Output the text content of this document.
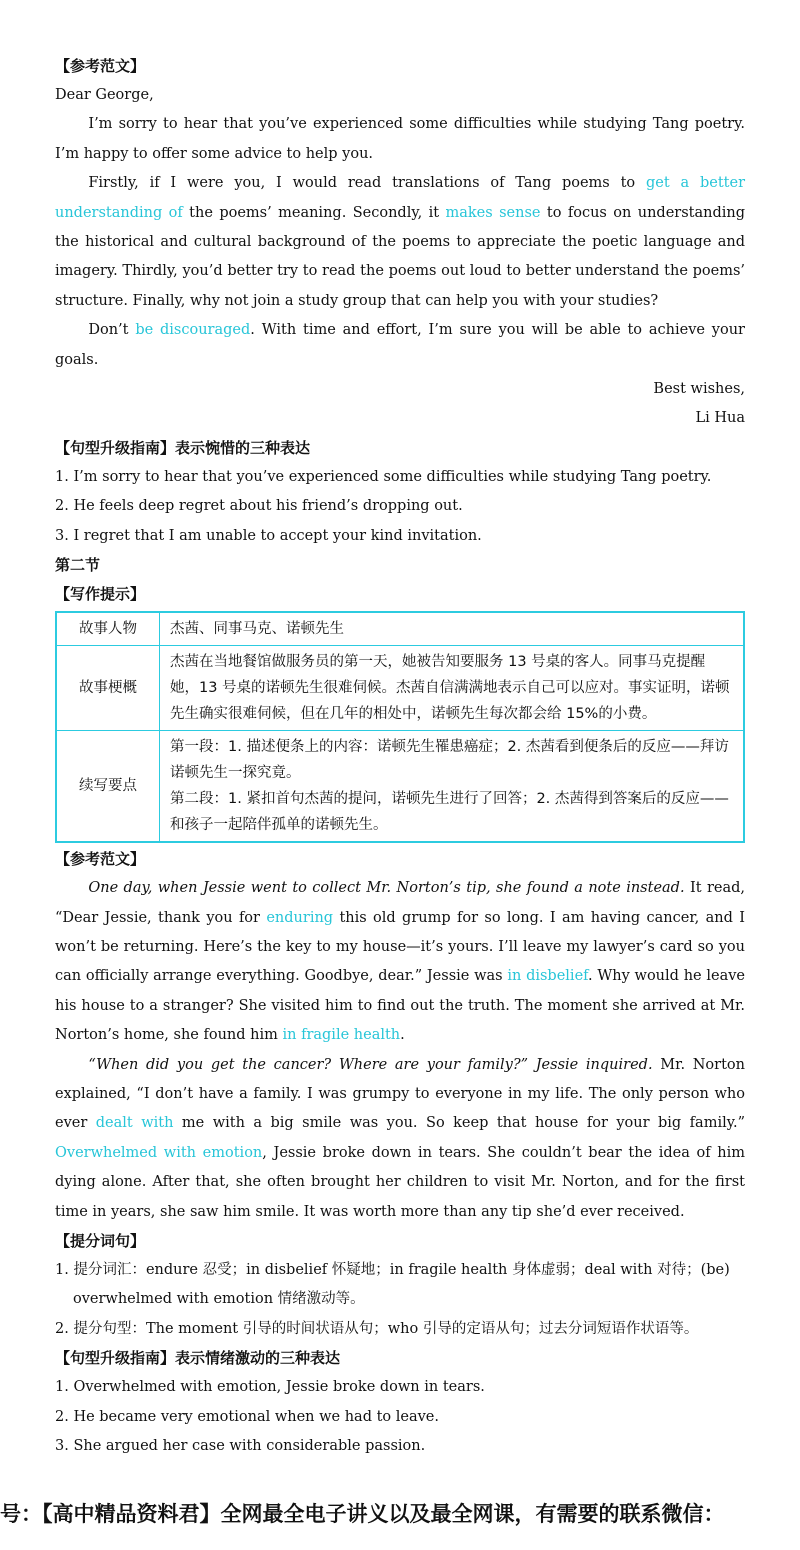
【参考范文】

Dear George,

I’m sorry to hear that you’ve experienced some difficulties while studying Tang poetry. I’m happy to offer some advice to help you.

Firstly, if I were you, I would read translations of Tang poems to get a better understanding of the poems’ meaning. Secondly, it makes sense to focus on understanding the historical and cultural background of the poems to appreciate the poetic language and imagery. Thirdly, you’d better try to read the poems out loud to better understand the poems’ structure. Finally, why not join a study group that can help you with your studies?

Don’t be discouraged. With time and effort, I’m sure you will be able to achieve your goals.

Best wishes,

Li Hua

【句型升级指南】表示惋惜的三种表达

1. I’m sorry to hear that you’ve experienced some difficulties while studying Tang poetry.

2. He feels deep regret about his friend’s dropping out.

3. I regret that I am unable to accept your kind invitation.

第二节
【写作提示】
故事人物	杰茜、同事马克、诺顿先生
故事梗概	杰茜在当地餐馆做服务员的第一天，她被告知要服务 13 号桌的客人。同事马克提醒她，13 号桌的诺顿先生很难伺候。杰茜自信满满地表示自己可以应对。事实证明，诺顿先生确实很难伺候，但在几年的相处中，诺顿先生每次都会给 15%的小费。
续写要点	第一段：1. 描述便条上的内容：诺顿先生罹患癌症；2. 杰茜看到便条后的反应——拜访诺顿先生一探究竟。
第二段：1. 紧扣首句杰茜的提问，诺顿先生进行了回答；2. 杰茜得到答案后的反应——和孩子一起陪伴孤单的诺顿先生。
【参考范文】

One day, when Jessie went to collect Mr. Norton’s tip, she found a note instead. It read, “Dear Jessie, thank you for enduring this old grump for so long. I am having cancer, and I won’t be returning. Here’s the key to my house—it’s yours. I’ll leave my lawyer’s card so you can officially arrange everything. Goodbye, dear.” Jessie was in disbelief. Why would he leave his house to a stranger? She visited him to find out the truth. The moment she arrived at Mr. Norton’s home, she found him in fragile health.

“When did you get the cancer? Where are your family?” Jessie inquired. Mr. Norton explained, “I don’t have a family. I was grumpy to everyone in my life. The only person who ever dealt with me with a big smile was you. So keep that house for your big family.” Overwhelmed with emotion, Jessie broke down in tears. She couldn’t bear the idea of him dying alone. After that, she often brought her children to visit Mr. Norton, and for the first time in years, she saw him smile. It was worth more than any tip she’d ever received.

【提分词句】

1. 提分词汇：endure 忍受；in disbelief 怀疑地；in fragile health 身体虚弱；deal with 对待；(be) overwhelmed with emotion 情绪激动等。

2. 提分句型：The moment 引导的时间状语从句；who 引导的定语从句；过去分词短语作状语等。

【句型升级指南】表示情绪激动的三种表达

1. Overwhelmed with emotion, Jessie broke down in tears.

2. He became very emotional when we had to leave.

3. She argued her case with considerable passion.

号：【高中精品资料君】全网最全电子讲义以及最全网课，有需要的联系微信：
